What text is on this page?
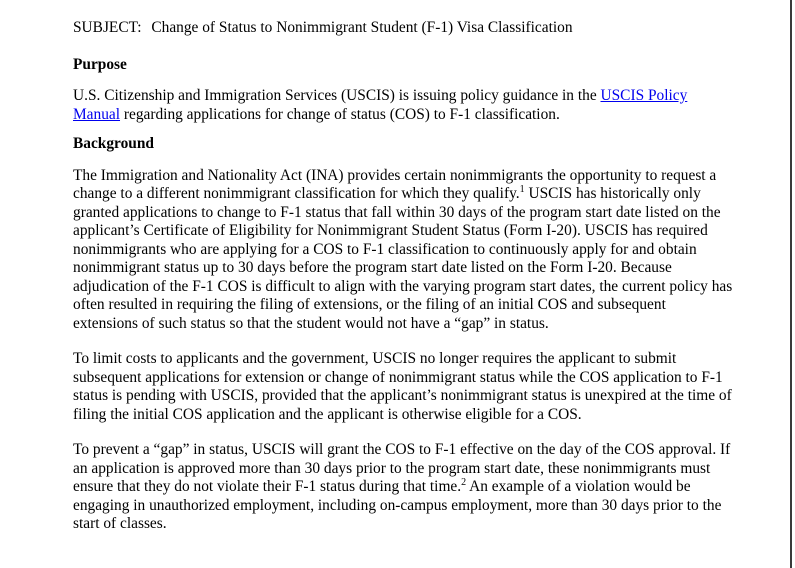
SUBJECT: Change of Status to Nonimmigrant Student (F-1) Visa Classification
Purpose

U.S. Citizenship and Immigration Services (USCIS) is issuing policy guidance in the USCIS Policy Manual regarding applications for change of status (COS) to F-1 classification.

Background

The Immigration and Nationality Act (INA) provides certain nonimmigrants the opportunity to request a change to a different nonimmigrant classification for which they qualify.$^1$ USCIS has historically only granted applications to change to F-1 status that fall within 30 days of the program start date listed on the applicant’s Certificate of Eligibility for Nonimmigrant Student Status (Form I-20). USCIS has required nonimmigrants who are applying for a COS to F-1 classification to continuously apply for and obtain nonimmigrant status up to 30 days before the program start date listed on the Form I-20. Because adjudication of the F-1 COS is difficult to align with the varying program start dates, the current policy has often resulted in requiring the filing of extensions, or the filing of an initial COS and subsequent extensions of such status so that the student would not have a “gap” in status.

To limit costs to applicants and the government, USCIS no longer requires the applicant to submit subsequent applications for extension or change of nonimmigrant status while the COS application to F-1 status is pending with USCIS, provided that the applicant’s nonimmigrant status is unexpired at the time of filing the initial COS application and the applicant is otherwise eligible for a COS.

To prevent a “gap” in status, USCIS will grant the COS to F-1 effective on the day of the COS approval. If an application is approved more than 30 days prior to the program start date, these nonimmigrants must ensure that they do not violate their F-1 status during that time.$^2$ An example of a violation would be engaging in unauthorized employment, including on-campus employment, more than 30 days prior to the start of classes.
